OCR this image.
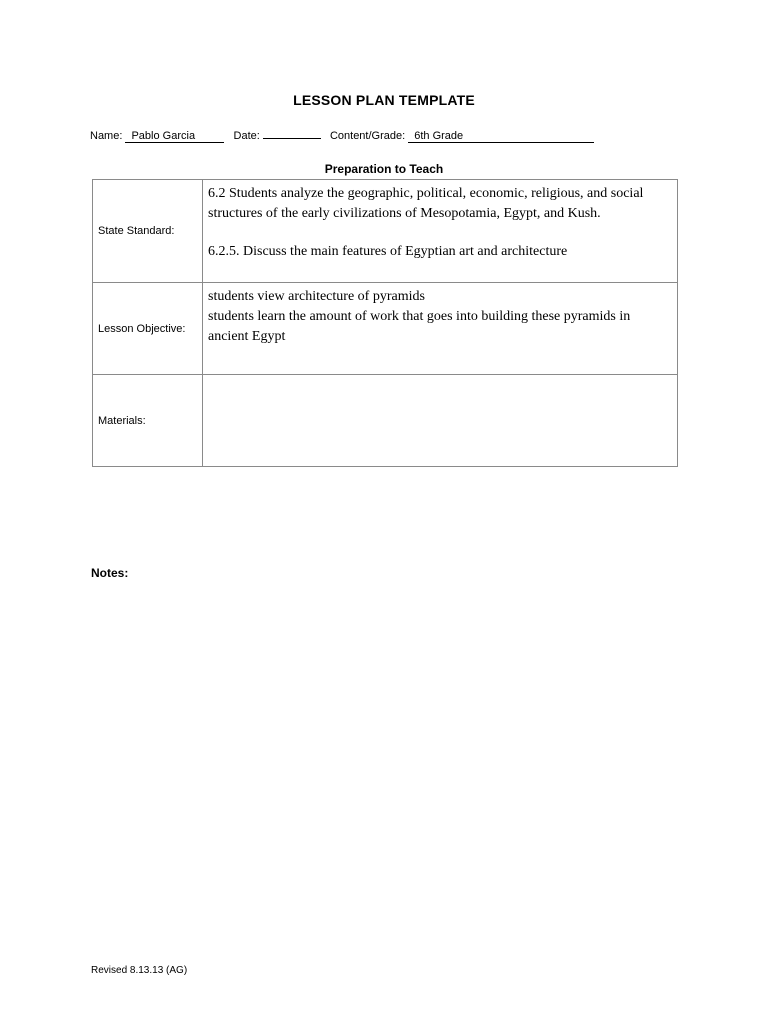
LESSON PLAN TEMPLATE
Name: Pablo Garcia	Date:	Content/Grade: 6th Grade
Preparation to Teach
State Standard:	6.2 Students analyze the geographic, political, economic, religious, and social structures of the early civilizations of Mesopotamia, Egypt, and Kush.

6.2.5. Discuss the main features of Egyptian art and architecture

Lesson Objective:	students view architecture of pyramids

students learn the amount of work that goes into building these pyramids in ancient Egypt

Materials:	
Notes:
Revised 8.13.13 (AG)
